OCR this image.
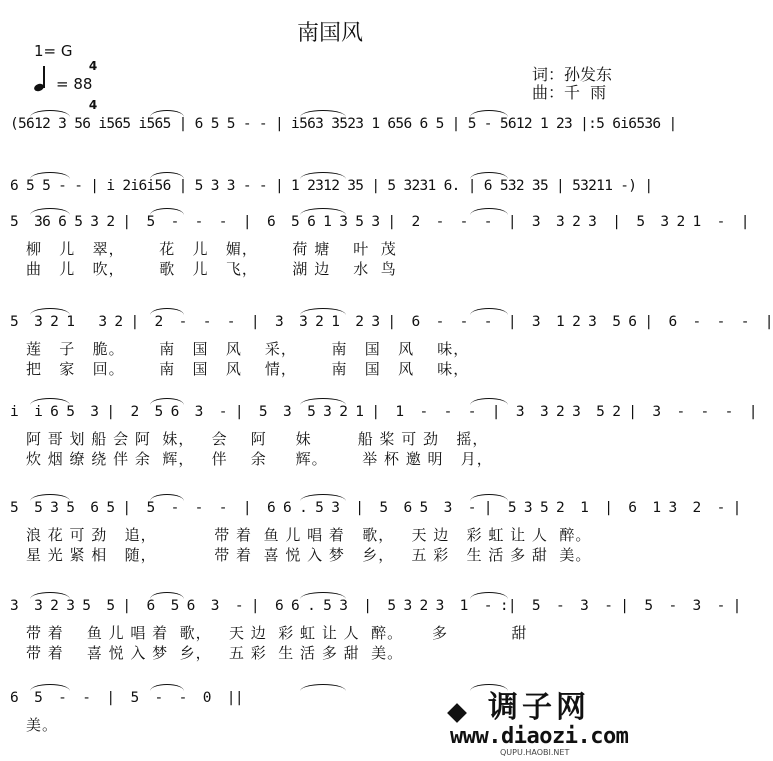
南国风
1= G

4

4

= 88	词：孙发东
曲：千  雨
(5612 3 56 i565 i565 | 6 5 5 - - | i563 3523 1 656 6 5 | 5 - 5612 1 23 |:5 6i6536 |
6 5 5 - - | i 2i6i56 | 5 3 3 - - | 1 2312 35 | 5 3231 6. | 6 532 35 | 53211 -) |
5  36 6 5 3 2 |  5  -  -  -  |  6  5 6 1 3 5 3 |  2  -  -  -  |  3  3 2 3  |  5  3 2 1  -  |
柳   儿   翠，      花   儿   媚，      荷 塘    叶  茂
曲   儿   吹，      歌   儿   飞，      湖 边    水  鸟
5  3 2 1   3 2 |  2  -  -  -  |  3  3 2 1  2 3 |  6  -  -  -  |  3  1 2 3  5 6 |  6  -  -  -  |
莲   子   脆。      南   国   风    采，      南   国   风    味，
把   家   回。      南   国   风    情，      南   国   风    味，
i  i 6 5  3 |  2  5 6  3  - |  5  3  5 3 2 1 |  1  -  -  -  |  3  3 2 3  5 2 |  3  -  -  -  |
阿 哥 划 船 会 阿  妹，   会    阿     妹        船 桨 可 劲   摇，
炊 烟 缭 绕 伴 余  辉，   伴    余     辉。      举 杯 邀 明   月，
5  5 3 5  6 5 |  5  -  -  -  |  6 6 . 5 3  |  5  6 5  3  - |  5 3 5 2  1  |  6  1 3  2  - |
浪 花 可 劲   追，          带 着  鱼 儿 唱 着   歌，   天 边   彩 虹 让 人  醉。
星 光 紧 相   随，          带 着  喜 悦 入 梦   乡，   五 彩   生 活 多 甜  美。
3  3 2 3 5  5 |  6  5 6  3  - |  6 6 . 5 3  |  5 3 2 3  1  - :|  5  -  3  - |  5  -  3  - |
带 着    鱼 儿 唱 着  歌，   天 边  彩 虹 让 人  醉。     多           甜
带 着    喜 悦 入 梦  乡，   五 彩  生 活 多 甜  美。
6  5  -  -  |  5  -  -  0  ||
美。	调子网
www.diaozi.com
QUPU.HAOBI.NET
